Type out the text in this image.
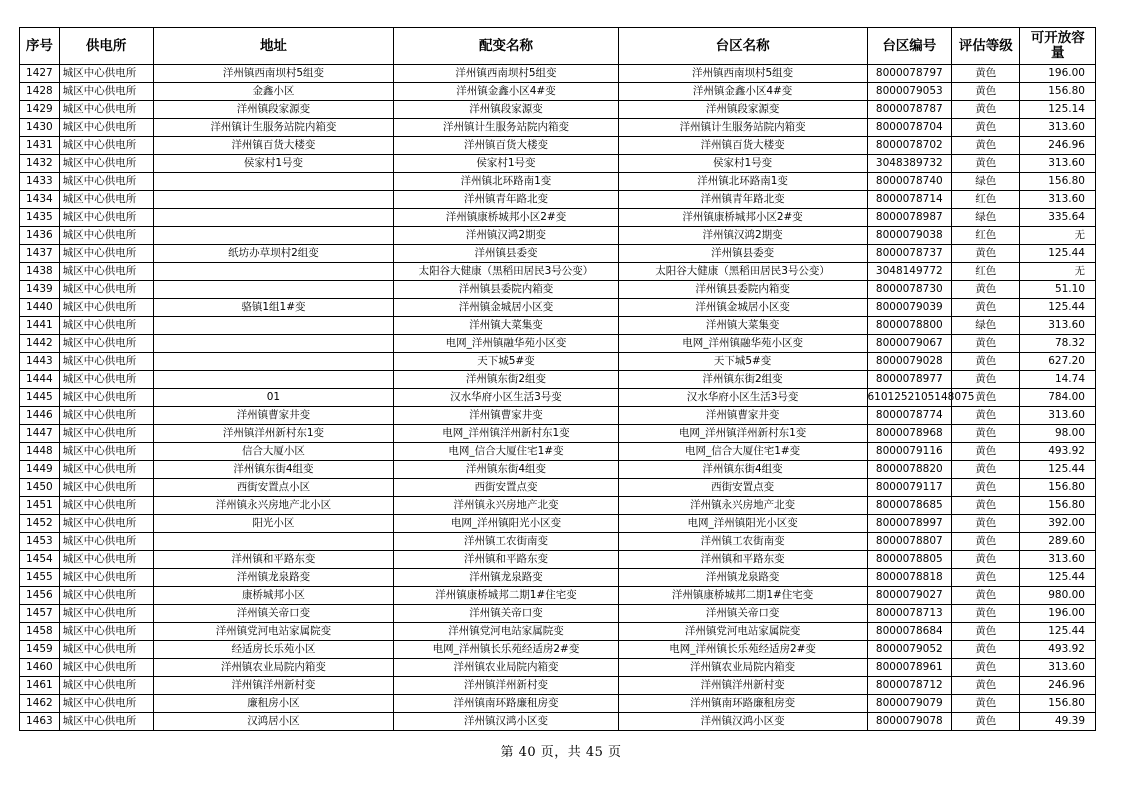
序号	供电所	地址	配变名称	台区名称	台区编号	评估等级	可开放容量
1427	城区中心供电所	洋州镇西南坝村5组变	洋州镇西南坝村5组变	洋州镇西南坝村5组变	8000078797	黄色	196.00
1428	城区中心供电所	金鑫小区	洋州镇金鑫小区4#变	洋州镇金鑫小区4#变	8000079053	黄色	156.80
1429	城区中心供电所	洋州镇段家源变	洋州镇段家源变	洋州镇段家源变	8000078787	黄色	125.14
1430	城区中心供电所	洋州镇计生服务站院内箱变	洋州镇计生服务站院内箱变	洋州镇计生服务站院内箱变	8000078704	黄色	313.60
1431	城区中心供电所	洋州镇百货大楼变	洋州镇百货大楼变	洋州镇百货大楼变	8000078702	黄色	246.96
1432	城区中心供电所	侯家村1号变	侯家村1号变	侯家村1号变	3048389732	黄色	313.60
1433	城区中心供电所		洋州镇北环路南1变	洋州镇北环路南1变	8000078740	绿色	156.80
1434	城区中心供电所		洋州镇青年路北变	洋州镇青年路北变	8000078714	红色	313.60
1435	城区中心供电所		洋州镇康桥城邦小区2#变	洋州镇康桥城邦小区2#变	8000078987	绿色	335.64
1436	城区中心供电所		洋州镇汉鸿2期变	洋州镇汉鸿2期变	8000079038	红色	无
1437	城区中心供电所	纸坊办草坝村2组变	洋州镇县委变	洋州镇县委变	8000078737	黄色	125.44
1438	城区中心供电所		太阳谷大健康（黑稻田居民3号公变）	太阳谷大健康（黑稻田居民3号公变）	3048149772	红色	无
1439	城区中心供电所		洋州镇县委院内箱变	洋州镇县委院内箱变	8000078730	黄色	51.10
1440	城区中心供电所	骆镇1组1#变	洋州镇金城居小区变	洋州镇金城居小区变	8000079039	黄色	125.44
1441	城区中心供电所		洋州镇大菜集变	洋州镇大菜集变	8000078800	绿色	313.60
1442	城区中心供电所		电网_洋州镇融华苑小区变	电网_洋州镇融华苑小区变	8000079067	黄色	78.32
1443	城区中心供电所		天下城5#变	天下城5#变	8000079028	黄色	627.20
1444	城区中心供电所		洋州镇东街2组变	洋州镇东街2组变	8000078977	黄色	14.74
1445	城区中心供电所	01	汉水华府小区生活3号变	汉水华府小区生活3号变	6101252105148075	黄色	784.00
1446	城区中心供电所	洋州镇曹家井变	洋州镇曹家井变	洋州镇曹家井变	8000078774	黄色	313.60
1447	城区中心供电所	洋州镇洋州新村东1变	电网_洋州镇洋州新村东1变	电网_洋州镇洋州新村东1变	8000078968	黄色	98.00
1448	城区中心供电所	信合大厦小区	电网_信合大厦住宅1#变	电网_信合大厦住宅1#变	8000079116	黄色	493.92
1449	城区中心供电所	洋州镇东街4组变	洋州镇东街4组变	洋州镇东街4组变	8000078820	黄色	125.44
1450	城区中心供电所	西街安置点小区	西街安置点变	西街安置点变	8000079117	黄色	156.80
1451	城区中心供电所	洋州镇永兴房地产北小区	洋州镇永兴房地产北变	洋州镇永兴房地产北变	8000078685	黄色	156.80
1452	城区中心供电所	阳光小区	电网_洋州镇阳光小区变	电网_洋州镇阳光小区变	8000078997	黄色	392.00
1453	城区中心供电所		洋州镇工农街南变	洋州镇工农街南变	8000078807	黄色	289.60
1454	城区中心供电所	洋州镇和平路东变	洋州镇和平路东变	洋州镇和平路东变	8000078805	黄色	313.60
1455	城区中心供电所	洋州镇龙泉路变	洋州镇龙泉路变	洋州镇龙泉路变	8000078818	黄色	125.44
1456	城区中心供电所	康桥城邦小区	洋州镇康桥城邦二期1#住宅变	洋州镇康桥城邦二期1#住宅变	8000079027	黄色	980.00
1457	城区中心供电所	洋州镇关帝口变	洋州镇关帝口变	洋州镇关帝口变	8000078713	黄色	196.00
1458	城区中心供电所	洋州镇党河电站家属院变	洋州镇党河电站家属院变	洋州镇党河电站家属院变	8000078684	黄色	125.44
1459	城区中心供电所	经适房长乐苑小区	电网_洋州镇长乐苑经适房2#变	电网_洋州镇长乐苑经适房2#变	8000079052	黄色	493.92
1460	城区中心供电所	洋州镇农业局院内箱变	洋州镇农业局院内箱变	洋州镇农业局院内箱变	8000078961	黄色	313.60
1461	城区中心供电所	洋州镇洋州新村变	洋州镇洋州新村变	洋州镇洋州新村变	8000078712	黄色	246.96
1462	城区中心供电所	廉租房小区	洋州镇南环路廉租房变	洋州镇南环路廉租房变	8000079079	黄色	156.80
1463	城区中心供电所	汉鸿居小区	洋州镇汉鸿小区变	洋州镇汉鸿小区变	8000079078	黄色	49.39
第 40 页，共 45 页
